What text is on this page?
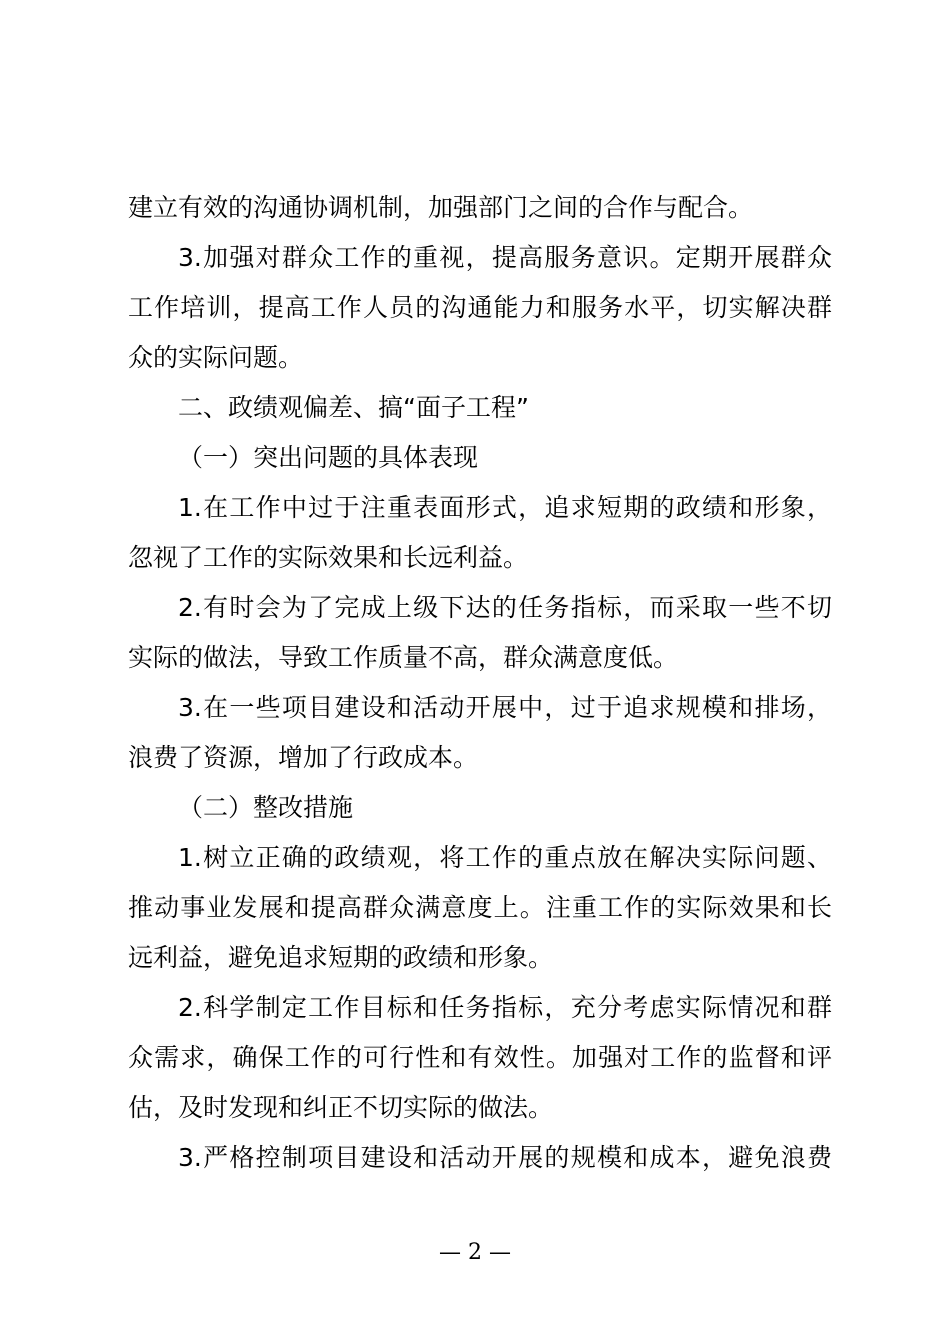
建立有效的沟通协调机制，加强部门之间的合作与配合。

3.加强对群众工作的重视，提高服务意识。定期开展群众

工作培训，提高工作人员的沟通能力和服务水平，切实解决群

众的实际问题。

二、政绩观偏差、搞“面子工程”

（一）突出问题的具体表现

1.在工作中过于注重表面形式，追求短期的政绩和形象，

忽视了工作的实际效果和长远利益。

2.有时会为了完成上级下达的任务指标，而采取一些不切

实际的做法，导致工作质量不高，群众满意度低。

3.在一些项目建设和活动开展中，过于追求规模和排场，

浪费了资源，增加了行政成本。

（二）整改措施

1.树立正确的政绩观，将工作的重点放在解决实际问题、

推动事业发展和提高群众满意度上。注重工作的实际效果和长

远利益，避免追求短期的政绩和形象。

2.科学制定工作目标和任务指标，充分考虑实际情况和群

众需求，确保工作的可行性和有效性。加强对工作的监督和评

估，及时发现和纠正不切实际的做法。

3.严格控制项目建设和活动开展的规模和成本，避免浪费

— 2 —
